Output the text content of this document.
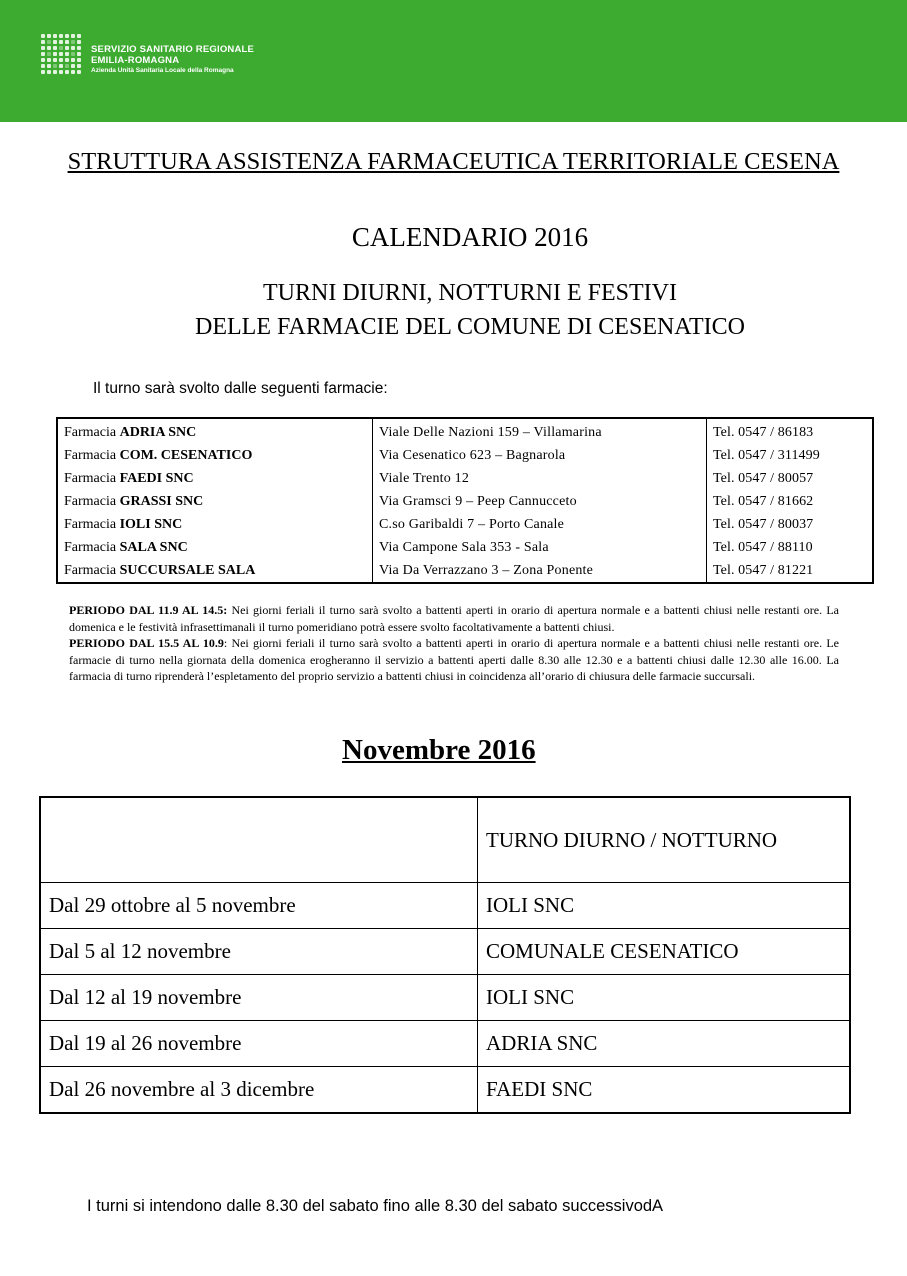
SERVIZIO SANITARIO REGIONALE
EMILIA-ROMAGNA
Azienda Unità Sanitaria Locale della Romagna
STRUTTURA ASSISTENZA FARMACEUTICA TERRITORIALE CESENA
CALENDARIO 2016
TURNI DIURNI, NOTTURNI E FESTIVI
DELLE FARMACIE DEL COMUNE DI CESENATICO
Il turno sarà svolto dalle seguenti farmacie:
Farmacia ADRIA SNC	Viale Delle Nazioni 159 – Villamarina	Tel. 0547 / 86183
Farmacia COM. CESENATICO	Via Cesenatico 623 – Bagnarola	Tel. 0547 / 311499
Farmacia FAEDI SNC	Viale Trento 12	Tel. 0547 / 80057
Farmacia GRASSI SNC	Via Gramsci 9 – Peep Cannucceto	Tel. 0547 / 81662
Farmacia IOLI SNC	C.so Garibaldi 7 – Porto Canale	Tel. 0547 / 80037
Farmacia SALA SNC	Via Campone Sala 353 - Sala	Tel. 0547 / 88110
Farmacia SUCCURSALE SALA	Via Da Verrazzano 3 – Zona Ponente	Tel. 0547 / 81221
PERIODO DAL 11.9 AL 14.5: Nei giorni feriali il turno sarà svolto a battenti aperti in orario di apertura normale e a battenti chiusi nelle restanti ore. La domenica e le festività infrasettimanali il turno pomeridiano potrà essere svolto facoltativamente a battenti chiusi.
PERIODO DAL 15.5 AL 10.9: Nei giorni feriali il turno sarà svolto a battenti aperti in orario di apertura normale e a battenti chiusi nelle restanti ore. Le farmacie di turno nella giornata della domenica erogheranno il servizio a battenti aperti dalle 8.30 alle 12.30 e a battenti chiusi dalle 12.30 alle 16.00. La farmacia di turno riprenderà l’espletamento del proprio servizio a battenti chiusi in coincidenza all’orario di chiusura delle farmacie succursali.
Novembre 2016
	TURNO DIURNO / NOTTURNO
Dal 29 ottobre al 5 novembre	IOLI SNC
Dal 5 al 12 novembre	COMUNALE CESENATICO
Dal 12 al 19 novembre	IOLI SNC
Dal 19 al 26 novembre	ADRIA SNC
Dal 26 novembre al 3 dicembre	FAEDI SNC
I turni si intendono dalle 8.30 del sabato fino alle 8.30 del sabato successivodA
